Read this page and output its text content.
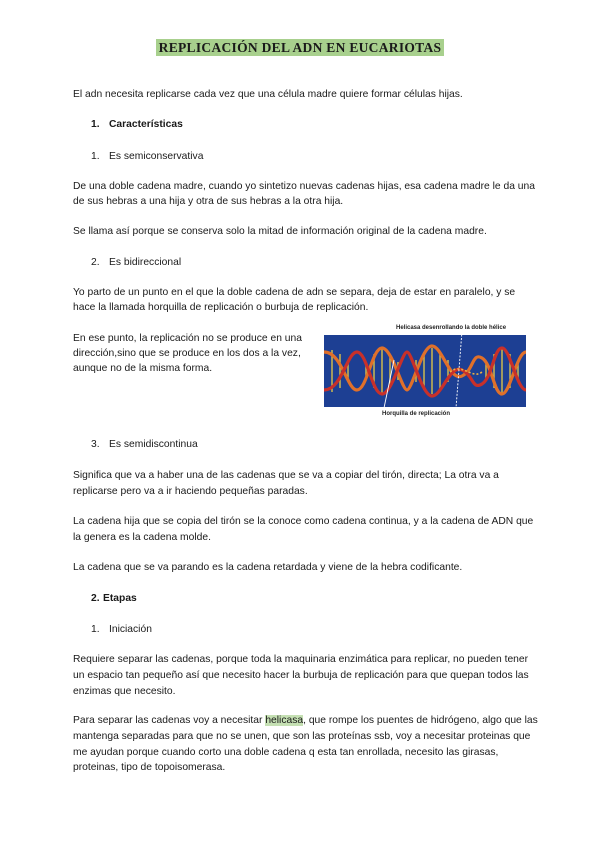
REPLICACIÓN DEL ADN EN EUCARIOTAS
El adn necesita replicarse cada vez que una célula madre quiere formar células hijas.
1. Características
1. Es semiconservativa
De una doble cadena madre, cuando yo sintetizo nuevas cadenas hijas, esa cadena madre le da una
de sus hebras a una hija y otra de sus hebras a la otra hija.
Se llama así porque se conserva solo la mitad de información original de la cadena madre.
2. Es bidireccional
Yo parto de un punto en el que la doble cadena de adn se separa, deja de estar en paralelo, y se
hace la llamada horquilla de replicación o burbuja de replicación.
En ese punto, la replicación no se produce en una
dirección,sino que se produce en los dos a la vez,
aunque no de la misma forma.
Helicasa desenrollando la doble hélice
Horquilla de replicación
3. Es semidiscontinua
Significa que va a haber una de las cadenas que se va a copiar del tirón, directa; La otra va a
replicarse pero va a ir haciendo pequeñas paradas.
La cadena hija que se copia del tirón se la conoce como cadena continua, y a la cadena de ADN que
la genera es la cadena molde.
La cadena que se va parando es la cadena retardada y viene de la hebra codificante.
2. Etapas
1. Iniciación
Requiere separar las cadenas, porque toda la maquinaria enzimática para replicar, no pueden tener
un espacio tan pequeño así que necesito hacer la burbuja de replicación para que quepan todos las
enzimas que necesito.
Para separar las cadenas voy a necesitar helicasa, que rompe los puentes de hidrógeno, algo que las
mantenga separadas para que no se unen, que son las proteínas ssb, voy a necesitar proteinas que
me ayudan porque cuando corto una doble cadena q esta tan enrollada, necesito las girasas,
proteinas, tipo de topoisomerasa.
